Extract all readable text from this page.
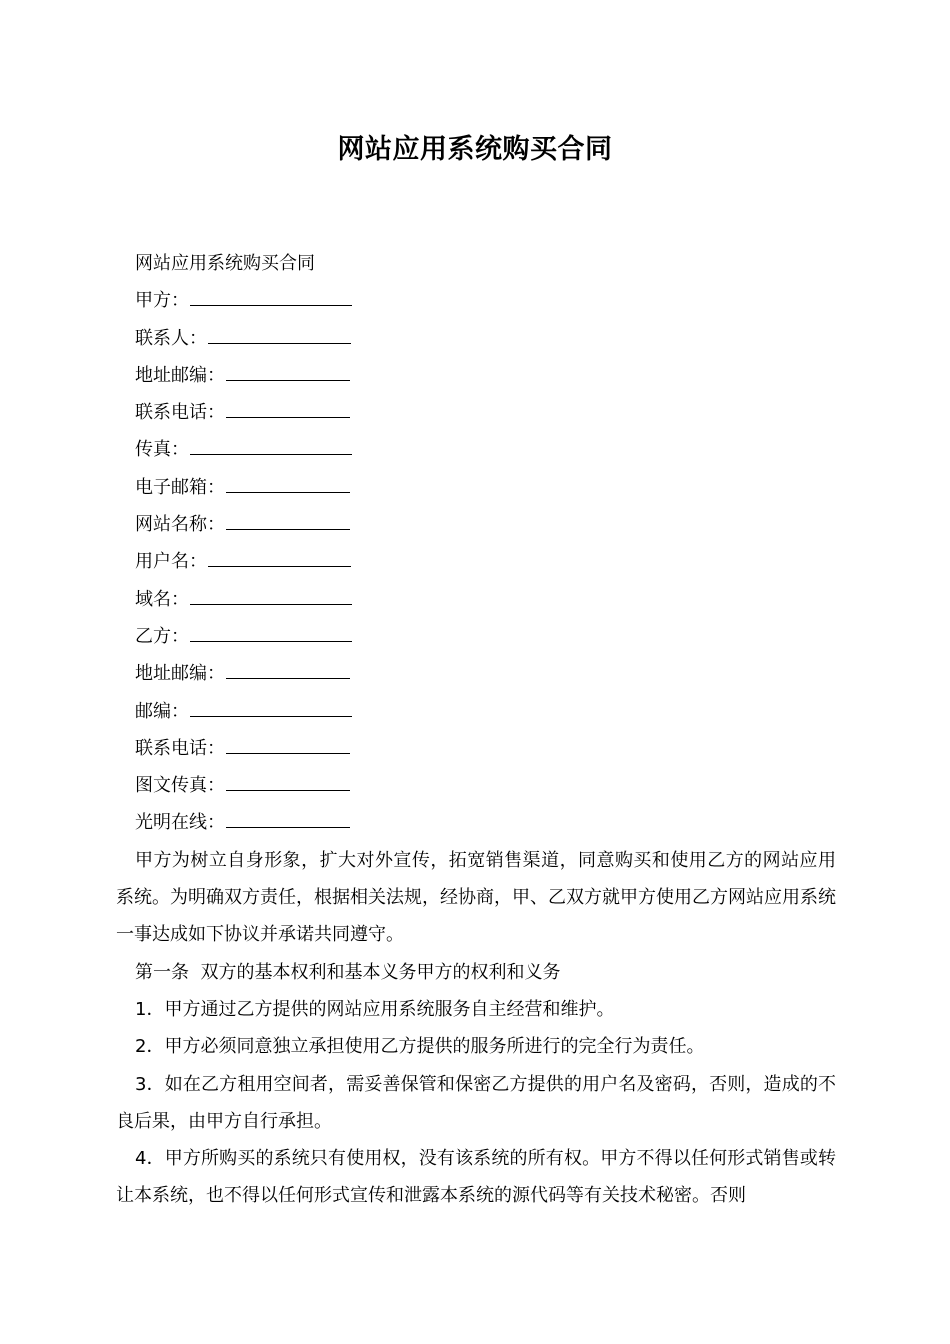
网站应用系统购买合同
网站应用系统购买合同
甲方：
联系人：
地址邮编：
联系电话：
传真：
电子邮箱：
网站名称：
用户名：
域名：
乙方：
地址邮编：
邮编：
联系电话：
图文传真：
光明在线：
甲方为树立自身形象，扩大对外宣传，拓宽销售渠道，同意购买和使用乙方的网站应用系统。为明确双方责任，根据相关法规，经协商，甲、乙双方就甲方使用乙方网站应用系统一事达成如下协议并承诺共同遵守。
第一条  双方的基本权利和基本义务甲方的权利和义务
1．甲方通过乙方提供的网站应用系统服务自主经营和维护。
2．甲方必须同意独立承担使用乙方提供的服务所进行的完全行为责任。
3．如在乙方租用空间者，需妥善保管和保密乙方提供的用户名及密码，否则，造成的不良后果，由甲方自行承担。
4．甲方所购买的系统只有使用权，没有该系统的所有权。甲方不得以任何形式销售或转让本系统，也不得以任何形式宣传和泄露本系统的源代码等有关技术秘密。否则
